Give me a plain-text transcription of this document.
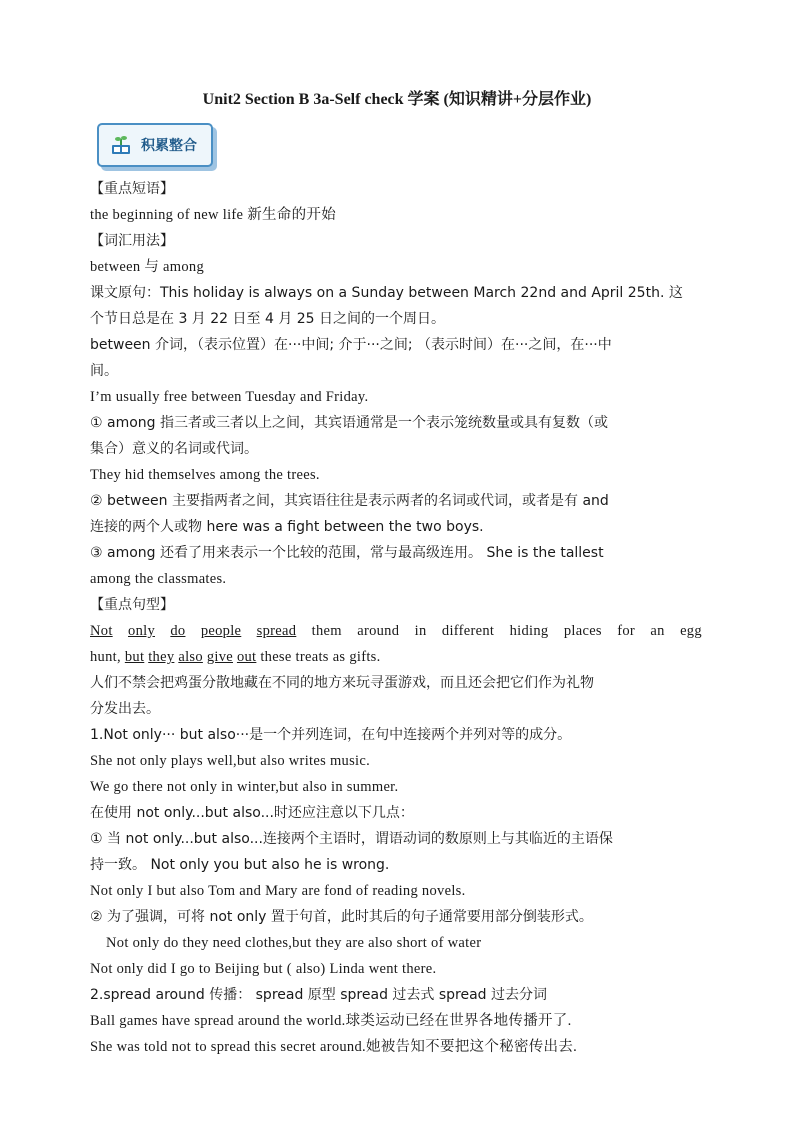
Unit2 Section B 3a-Self check 学案 (知识精讲+分层作业)
积累整合
【重点短语】
the beginning of new life 新生命的开始
【词汇用法】
between 与 among
课文原句：This holiday is always on a Sunday between March 22nd and April 25th. 这
个节日总是在 3 月 22 日至 4 月 25 日之间的一个周日。
between 介词，（表示位置）在···中间; 介于···之间; （表示时间）在···之间，在···中
间。
I’m usually free between Tuesday and Friday.
① among 指三者或三者以上之间，其宾语通常是一个表示笼统数量或具有复数（或
集合）意义的名词或代词。
They hid themselves among the trees.
② between 主要指两者之间，其宾语往往是表示两者的名词或代词，或者是有 and
连接的两个人或物 here was a fight between the two boys.
③ among 还看了用来表示一个比较的范围，常与最高级连用。 She is the tallest
among the classmates.
【重点句型】
Not only do people spread them around in different hiding places for an egg
hunt, but they also give out these treats as gifts.
人们不禁会把鸡蛋分散地藏在不同的地方来玩寻蛋游戏，而且还会把它们作为礼物
分发出去。
1.Not only··· but also···是一个并列连词，在句中连接两个并列对等的成分。
She not only plays well,but also writes music.
We go there not only in winter,but also in summer.
在使用 not only...but also...时还应注意以下几点：
① 当 not only...but also...连接两个主语时，谓语动词的数原则上与其临近的主语保
持一致。 Not only you but also he is wrong.
Not only I but also Tom and Mary are fond of reading novels.
② 为了强调，可将 not only 置于句首，此时其后的句子通常要用部分倒装形式。
Not only do they need clothes,but they are also short of water
Not only did I go to Beijing but ( also) Linda went there.
2.spread around 传播： spread 原型 spread 过去式 spread 过去分词
Ball games have spread around the world.球类运动已经在世界各地传播开了.
She was told not to spread this secret around.她被告知不要把这个秘密传出去.
